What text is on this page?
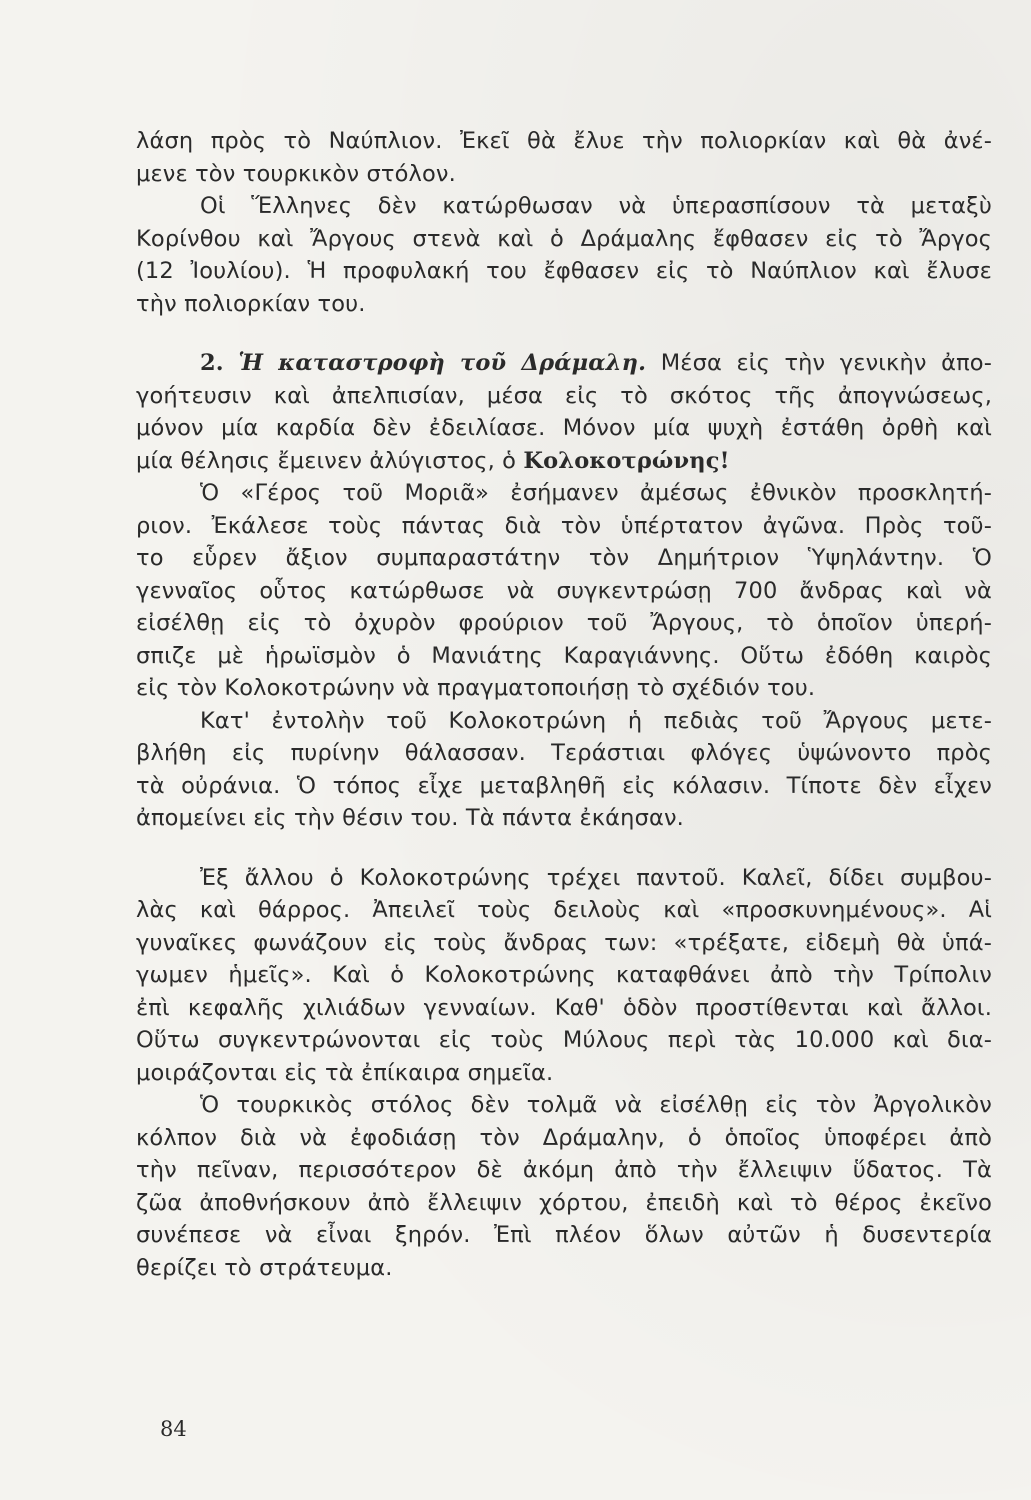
λάση πρὸς τὸ Ναύπλιον. Ἐκεῖ θὰ ἔλυε τὴν πολιορκίαν καὶ θὰ ἀνέ-
μενε τὸν τουρκικὸν στόλον.
Οἱ Ἕλληνες δὲν κατώρθωσαν νὰ ὑπερασπίσουν τὰ μεταξὺ
Κορίνθου καὶ Ἄργους στενὰ καὶ ὁ Δράμαλης ἔφθασεν εἰς τὸ Ἄργος
(12 Ἰουλίου). Ἡ προφυλακή του ἔφθασεν εἰς τὸ Ναύπλιον καὶ ἔλυσε
τὴν πολιορκίαν του.
2. Ἡ καταστροφὴ τοῦ Δράμαλη. Μέσα εἰς τὴν γενικὴν ἀπο-
γοήτευσιν καὶ ἀπελπισίαν, μέσα εἰς τὸ σκότος τῆς ἀπογνώσεως,
μόνον μία καρδία δὲν ἐδειλίασε. Μόνον μία ψυχὴ ἐστάθη ὀρθὴ καὶ
μία θέλησις ἔμεινεν ἀλύγιστος, ὁ Κολοκοτρώνης!
Ὁ «Γέρος τοῦ Μοριᾶ» ἐσήμανεν ἀμέσως ἐθνικὸν προσκλητή-
ριον. Ἐκάλεσε τοὺς πάντας διὰ τὸν ὑπέρτατον ἀγῶνα. Πρὸς τοῦ-
το εὗρεν ἄξιον συμπαραστάτην τὸν Δημήτριον Ὑψηλάντην. Ὁ
γενναῖος οὗτος κατώρθωσε νὰ συγκεντρώσῃ 700 ἄνδρας καὶ νὰ
εἰσέλθῃ εἰς τὸ ὀχυρὸν φρούριον τοῦ Ἄργους, τὸ ὁποῖον ὑπερή-
σπιζε μὲ ἡρωϊσμὸν ὁ Μανιάτης Καραγιάννης. Οὕτω ἐδόθη καιρὸς
εἰς τὸν Κολοκοτρώνην νὰ πραγματοποιήσῃ τὸ σχέδιόν του.
Κατ' ἐντολὴν τοῦ Κολοκοτρώνη ἡ πεδιὰς τοῦ Ἄργους μετε-
βλήθη εἰς πυρίνην θάλασσαν. Τεράστιαι φλόγες ὑψώνοντο πρὸς
τὰ οὐράνια. Ὁ τόπος εἶχε μεταβληθῆ εἰς κόλασιν. Τίποτε δὲν εἶχεν
ἀπομείνει εἰς τὴν θέσιν του. Τὰ πάντα ἐκάησαν.
Ἐξ ἄλλου ὁ Κολοκοτρώνης τρέχει παντοῦ. Καλεῖ, δίδει συμβου-
λὰς καὶ θάρρος. Ἀπειλεῖ τοὺς δειλοὺς καὶ «προσκυνημένους». Αἱ
γυναῖκες φωνάζουν εἰς τοὺς ἄνδρας των: «τρέξατε, εἰδεμὴ θὰ ὑπά-
γωμεν ἡμεῖς». Καὶ ὁ Κολοκοτρώνης καταφθάνει ἀπὸ τὴν Τρίπολιν
ἐπὶ κεφαλῆς χιλιάδων γενναίων. Καθ' ὁδὸν προστίθενται καὶ ἄλλοι.
Οὕτω συγκεντρώνονται εἰς τοὺς Μύλους περὶ τὰς 10.000 καὶ δια-
μοιράζονται εἰς τὰ ἐπίκαιρα σημεῖα.
Ὁ τουρκικὸς στόλος δὲν τολμᾶ νὰ εἰσέλθῃ εἰς τὸν Ἀργολικὸν
κόλπον διὰ νὰ ἐφοδιάσῃ τὸν Δράμαλην, ὁ ὁποῖος ὑποφέρει ἀπὸ
τὴν πεῖναν, περισσότερον δὲ ἀκόμη ἀπὸ τὴν ἔλλειψιν ὕδατος. Τὰ
ζῶα ἀποθνήσκουν ἀπὸ ἔλλειψιν χόρτου, ἐπειδὴ καὶ τὸ θέρος ἐκεῖνο
συνέπεσε νὰ εἶναι ξηρόν. Ἐπὶ πλέον ὅλων αὐτῶν ἡ δυσεντερία
θερίζει τὸ στράτευμα.
84
